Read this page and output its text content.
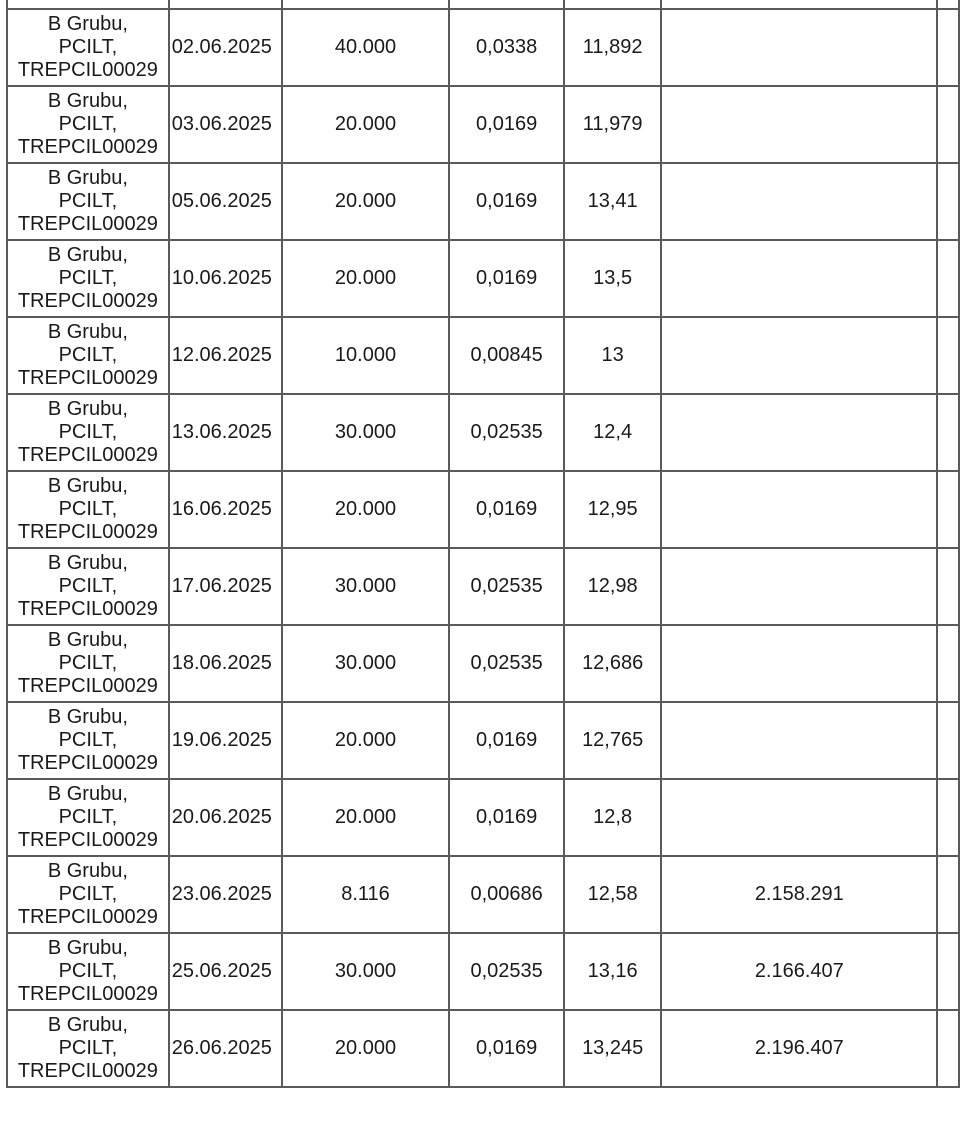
B Grubu,
PCILT,
TREPCIL00029	02.06.2025	40.000	0,0338	11,892		

B Grubu,
PCILT,
TREPCIL00029	03.06.2025	20.000	0,0169	11,979		

B Grubu,
PCILT,
TREPCIL00029	05.06.2025	20.000	0,0169	13,41		

B Grubu,
PCILT,
TREPCIL00029	10.06.2025	20.000	0,0169	13,5		

B Grubu,
PCILT,
TREPCIL00029	12.06.2025	10.000	0,00845	13		

B Grubu,
PCILT,
TREPCIL00029	13.06.2025	30.000	0,02535	12,4		

B Grubu,
PCILT,
TREPCIL00029	16.06.2025	20.000	0,0169	12,95		

B Grubu,
PCILT,
TREPCIL00029	17.06.2025	30.000	0,02535	12,98		

B Grubu,
PCILT,
TREPCIL00029	18.06.2025	30.000	0,02535	12,686		

B Grubu,
PCILT,
TREPCIL00029	19.06.2025	20.000	0,0169	12,765		

B Grubu,
PCILT,
TREPCIL00029	20.06.2025	20.000	0,0169	12,8		

B Grubu,
PCILT,
TREPCIL00029	23.06.2025	8.116	0,00686	12,58	2.158.291	

B Grubu,
PCILT,
TREPCIL00029	25.06.2025	30.000	0,02535	13,16	2.166.407	

B Grubu,
PCILT,
TREPCIL00029	26.06.2025	20.000	0,0169	13,245	2.196.407	
